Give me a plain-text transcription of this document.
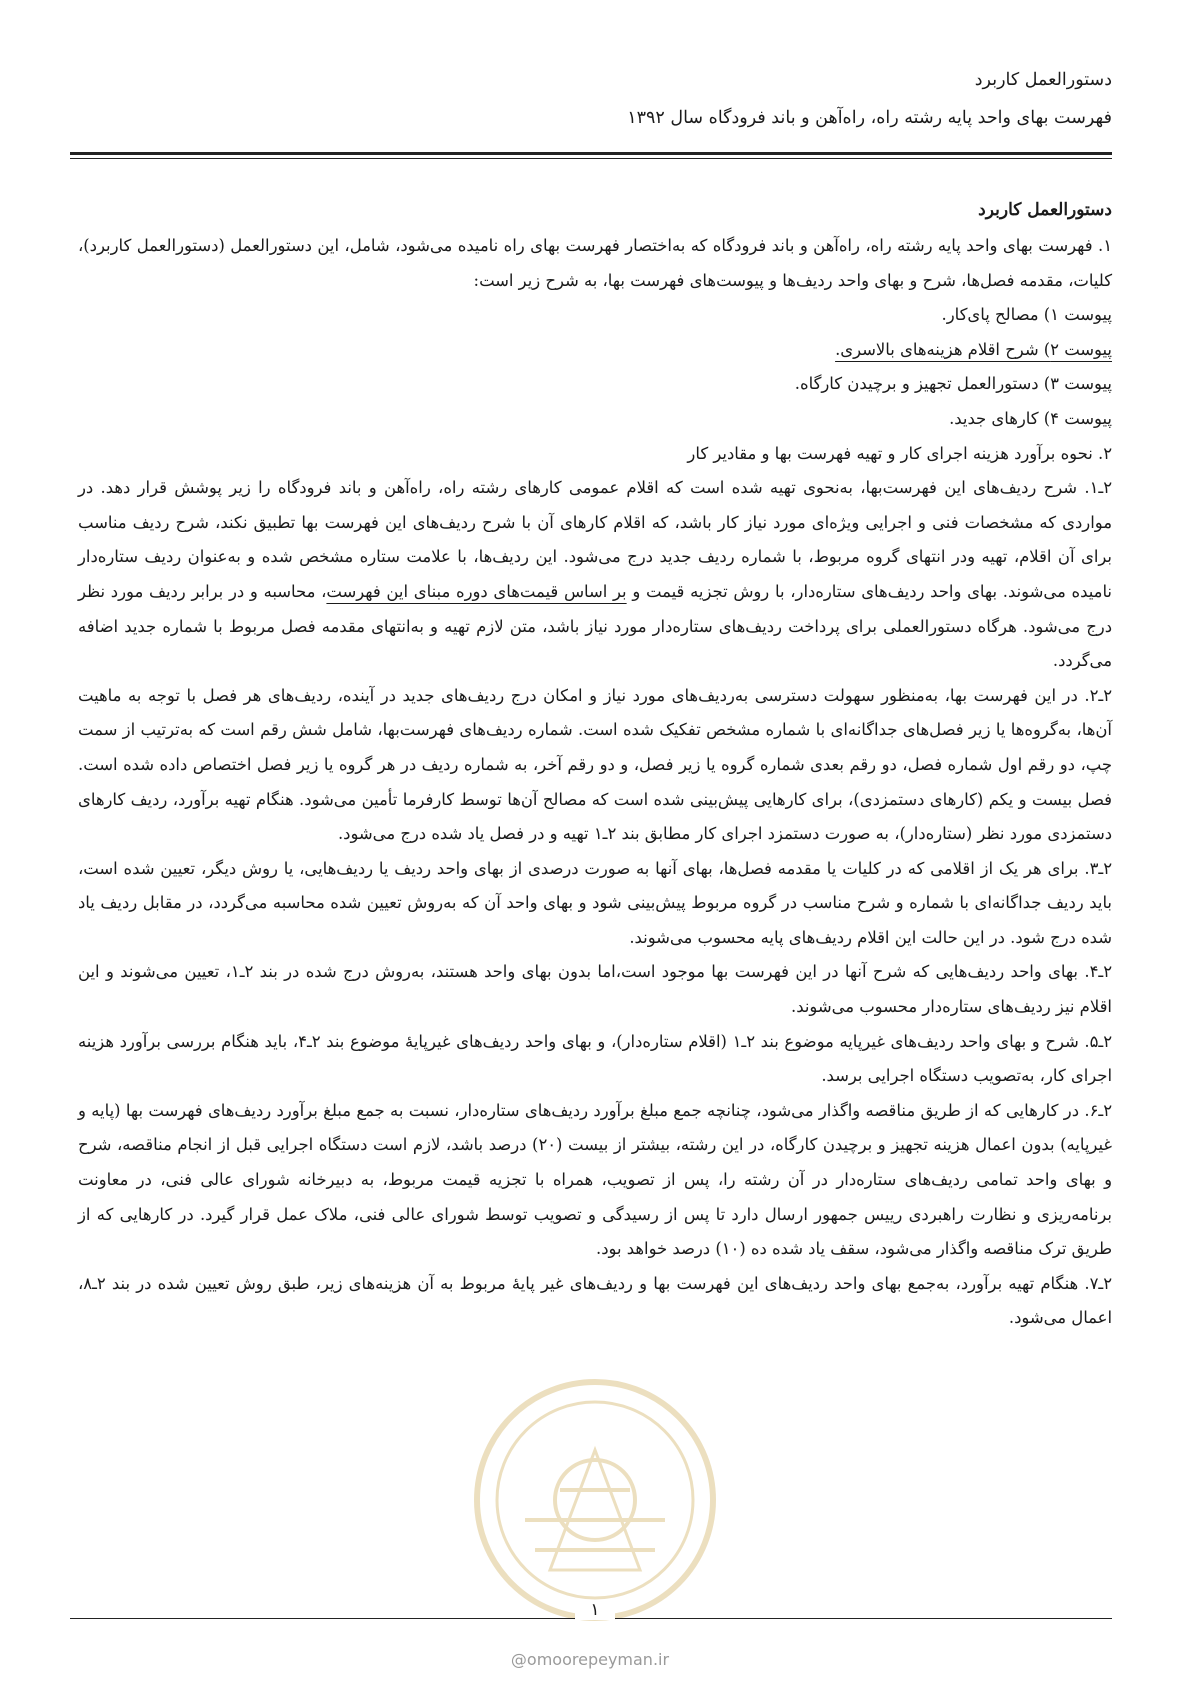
دستورالعمل کاربرد
فهرست بهای واحد پایه رشته راه، راه‌آهن و باند فرودگاه سال ۱۳۹۲
دستورالعمل کاربرد

۱. فهرست بهای واحد پایه رشته راه، راه‌آهن و باند فرودگاه که به‌اختصار فهرست بهای راه نامیده می‌شود، شامل، این دستورالعمل (دستورالعمل کاربرد)، کلیات، مقدمه فصل‌ها، شرح و بهای واحد ردیف‌ها و پیوست‌های فهرست بها، به شرح زیر است:

پیوست ۱) مصالح پای‌کار.

پیوست ۲) شرح اقلام هزینه‌های بالاسری.

پیوست ۳) دستورالعمل تجهیز و برچیدن کارگاه.

پیوست ۴) کارهای جدید.

۲. نحوه برآورد هزینه اجرای کار و تهیه فهرست بها و مقادیر کار

۲ـ۱. شرح ردیف‌های این فهرست‌بها، به‌نحوی تهیه شده است که اقلام عمومی کارهای رشته راه، راه‌آهن و باند فرودگاه را زیر پوشش قرار دهد. در مواردی که مشخصات فنی و اجرایی ویژه‌ای مورد نیاز کار باشد، که اقلام کارهای آن با شرح ردیف‌های این فهرست بها تطبیق نکند، شرح ردیف مناسب برای آن اقلام، تهیه ودر انتهای گروه مربوط، با شماره ردیف جدید درج می‌شود. این ردیف‌ها، با علامت ستاره مشخص شده و به‌عنوان ردیف ستاره‌دار نامیده می‌شوند. بهای واحد ردیف‌های ستاره‌دار، با روش تجزیه قیمت و بر اساس قیمت‌های دوره مبنای این فهرست، محاسبه و در برابر ردیف مورد نظر درج می‌شود. هرگاه دستورالعملی برای پرداخت ردیف‌های ستاره‌دار مورد نیاز باشد، متن لازم تهیه و به‌انتهای مقدمه فصل مربوط با شماره جدید اضافه می‌گردد.

۲ـ۲. در این فهرست بها، به‌منظور سهولت دسترسی به‌ردیف‌های مورد نیاز و امکان درج ردیف‌های جدید در آینده، ردیف‌های هر فصل با توجه به ماهیت آن‌ها، به‌گروه‌ها یا زیر فصل‌های جداگانه‌ای با شماره مشخص تفکیک شده است. شماره ردیف‌های فهرست‌بها، شامل شش رقم است که به‌ترتیب از سمت چپ، دو رقم اول شماره فصل، دو رقم بعدی شماره گروه یا زیر فصل، و دو رقم آخر، به شماره ردیف در هر گروه یا زیر فصل اختصاص داده شده است. فصل بیست و یکم (کارهای دستمزدی)، برای کارهایی پیش‌بینی شده است که مصالح آن‌ها توسط کارفرما تأمین می‌شود. هنگام تهیه برآورد، ردیف کارهای دستمزدی مورد نظر (ستاره‌دار)، به صورت دستمزد اجرای کار مطابق بند ۲ـ۱ تهیه و در فصل یاد شده درج می‌شود.

۲ـ۳. برای هر یک از اقلامی که در کلیات یا مقدمه فصل‌ها، بهای آنها به صورت درصدی از بهای واحد ردیف یا ردیف‌هایی، یا روش دیگر، تعیین شده است، باید ردیف جداگانه‌ای با شماره و شرح مناسب در گروه مربوط پیش‌بینی شود و بهای واحد آن که به‌روش تعیین شده محاسبه می‌گردد، در مقابل ردیف یاد شده درج شود. در این حالت این اقلام ردیف‌های پایه محسوب می‌شوند.

۲ـ۴. بهای واحد ردیف‌هایی که شرح آنها در این فهرست بها موجود است،اما بدون بهای واحد هستند، به‌روش درج شده در بند ۲ـ۱، تعیین می‌شوند و این اقلام نیز ردیف‌های ستاره‌دار محسوب می‌شوند.

۲ـ۵. شرح و بهای واحد ردیف‌های غیرپایه موضوع بند ۲ـ۱ (اقلام ستاره‌دار)، و بهای واحد ردیف‌های غیرپایهٔ موضوع بند ۲ـ۴، باید هنگام بررسی برآورد هزینه اجرای کار، به‌تصویب دستگاه اجرایی برسد.

۲ـ۶. در کارهایی که از طریق مناقصه واگذار می‌شود، چنانچه جمع مبلغ برآورد ردیف‌های ستاره‌دار، نسبت به جمع مبلغ برآورد ردیف‌های فهرست بها (پایه و غیرپایه) بدون اعمال هزینه تجهیز و برچیدن کارگاه، در این رشته، بیشتر از بیست (۲۰) درصد باشد، لازم است دستگاه اجرایی قبل از انجام مناقصه، شرح و بهای واحد تمامی ردیف‌های ستاره‌دار در آن رشته را، پس از تصویب، همراه با تجزیه قیمت مربوط، به دبیرخانه شورای عالی فنی، در معاونت برنامه‌ریزی و نظارت راهبردی رییس جمهور ارسال دارد تا پس از رسیدگی و تصویب توسط شورای عالی فنی، ملاک عمل قرار گیرد. در کارهایی که از طریق ترک مناقصه واگذار می‌شود، سقف یاد شده ده (۱۰) درصد خواهد بود.

۲ـ۷. هنگام تهیه برآورد، به‌جمع بهای واحد ردیف‌های این فهرست بها و ردیف‌های غیر پایهٔ مربوط به آن هزینه‌های زیر، طبق روش تعیین شده در بند ۲ـ۸، اعمال می‌شود.

۱
@omoorepeyman.ir
